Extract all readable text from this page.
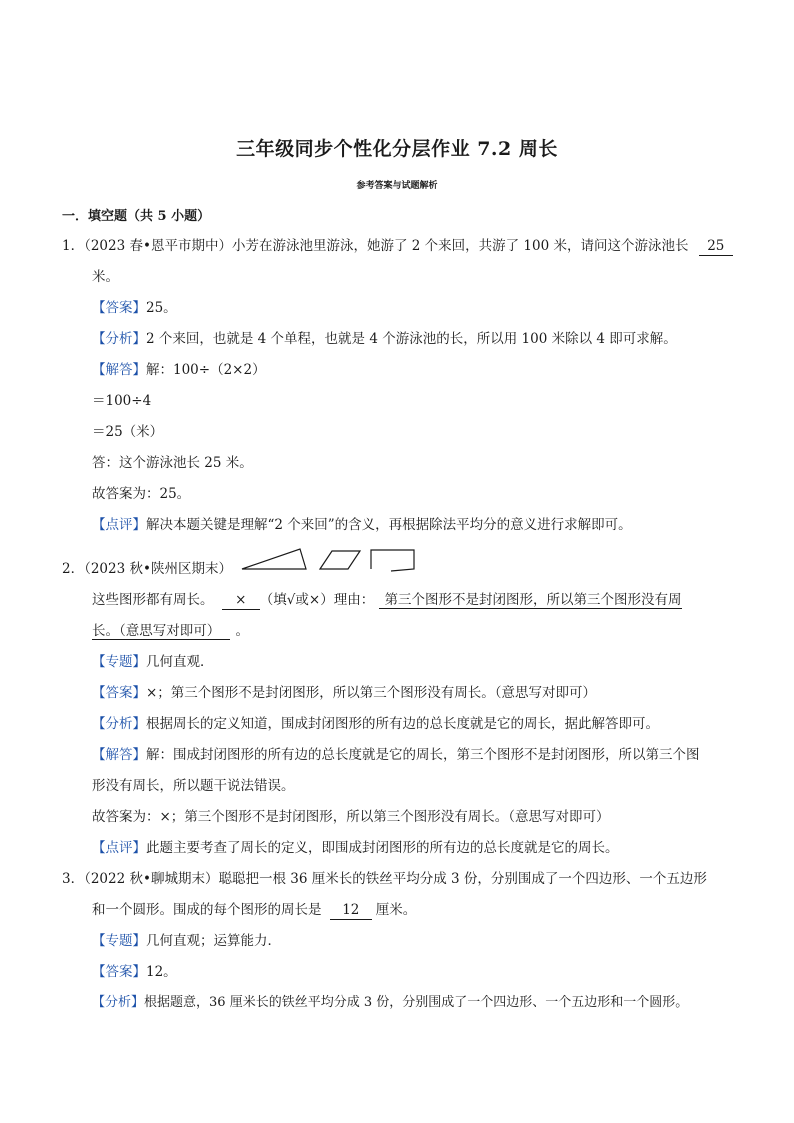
三年级同步个性化分层作业 7.2 周长
参考答案与试题解析
一．填空题（共 5 小题）
1．（2023 春•恩平市期中）小芳在游泳池里游泳，她游了 2 个来回，共游了 100 米，请问这个游泳池长 25
米。
【答案】25。
【分析】2 个来回，也就是 4 个单程，也就是 4 个游泳池的长，所以用 100 米除以 4 即可求解。
【解答】解：100÷（2×2）
＝100÷4
＝25（米）
答：这个游泳池长 25 米。
故答案为：25。
【点评】解决本题关键是理解“2 个来回”的含义，再根据除法平均分的意义进行求解即可。
2．（2023 秋•陕州区期末）
这些图形都有周长。 × （填√或×）理由： 第三个图形不是封闭图形，所以第三个图形没有周
长。（意思写对即可） 。
【专题】几何直观．
【答案】×；第三个图形不是封闭图形，所以第三个图形没有周长。（意思写对即可）
【分析】根据周长的定义知道，围成封闭图形的所有边的总长度就是它的周长，据此解答即可。
【解答】解：围成封闭图形的所有边的总长度就是它的周长，第三个图形不是封闭图形，所以第三个图
形没有周长，所以题干说法错误。
故答案为：×；第三个图形不是封闭图形，所以第三个图形没有周长。（意思写对即可）
【点评】此题主要考查了周长的定义，即围成封闭图形的所有边的总长度就是它的周长。
3．（2022 秋•聊城期末）聪聪把一根 36 厘米长的铁丝平均分成 3 份，分别围成了一个四边形、一个五边形
和一个圆形。围成的每个图形的周长是 12 厘米。
【专题】几何直观；运算能力．
【答案】12。
【分析】根据题意，36 厘米长的铁丝平均分成 3 份，分别围成了一个四边形、一个五边形和一个圆形。
